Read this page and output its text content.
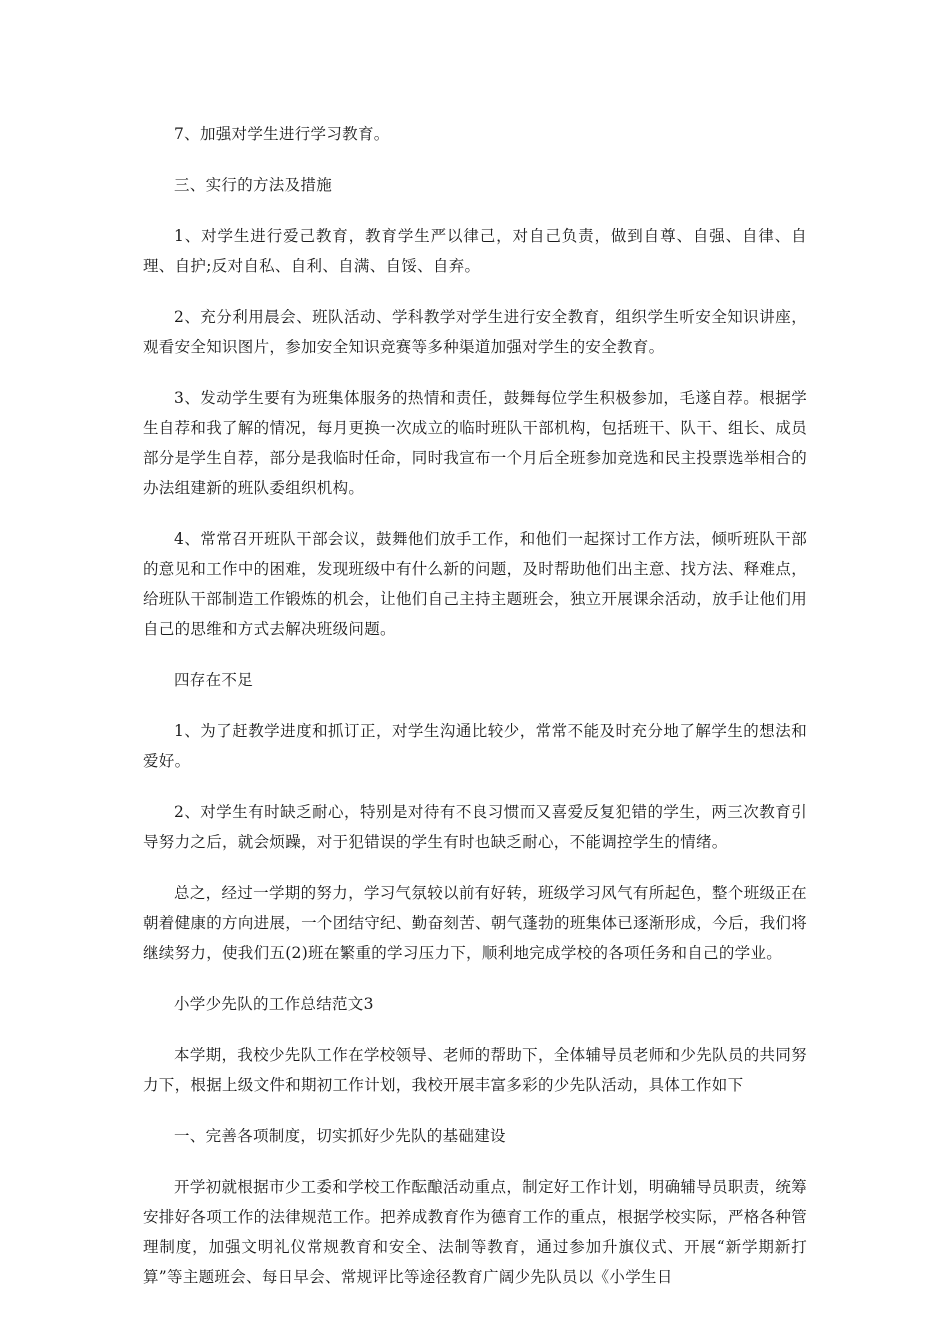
7、加强对学生进行学习教育。

三、实行的方法及措施

1、对学生进行爱己教育，教育学生严以律己，对自己负责，做到自尊、自强、自律、自理、自护;反对自私、自利、自满、自馁、自弃。

2、充分利用晨会、班队活动、学科教学对学生进行安全教育，组织学生听安全知识讲座，观看安全知识图片，参加安全知识竞赛等多种渠道加强对学生的安全教育。

3、发动学生要有为班集体服务的热情和责任，鼓舞每位学生积极参加，毛遂自荐。根据学生自荐和我了解的情况，每月更换一次成立的临时班队干部机构，包括班干、队干、组长、成员部分是学生自荐，部分是我临时任命，同时我宣布一个月后全班参加竞选和民主投票选举相合的办法组建新的班队委组织机构。

4、常常召开班队干部会议，鼓舞他们放手工作，和他们一起探讨工作方法，倾听班队干部的意见和工作中的困难，发现班级中有什么新的问题，及时帮助他们出主意、找方法、释难点，给班队干部制造工作锻炼的机会，让他们自己主持主题班会，独立开展课余活动，放手让他们用自己的思维和方式去解决班级问题。

四存在不足

1、为了赶教学进度和抓订正，对学生沟通比较少，常常不能及时充分地了解学生的想法和爱好。

2、对学生有时缺乏耐心，特别是对待有不良习惯而又喜爱反复犯错的学生，两三次教育引导努力之后，就会烦躁，对于犯错误的学生有时也缺乏耐心，不能调控学生的情绪。

总之，经过一学期的努力，学习气氛较以前有好转，班级学习风气有所起色，整个班级正在朝着健康的方向进展，一个团结守纪、勤奋刻苦、朝气蓬勃的班集体已逐渐形成，今后，我们将继续努力，使我们五(2)班在繁重的学习压力下，顺利地完成学校的各项任务和自己的学业。

小学少先队的工作总结范文3

本学期，我校少先队工作在学校领导、老师的帮助下，全体辅导员老师和少先队员的共同努力下，根据上级文件和期初工作计划，我校开展丰富多彩的少先队活动，具体工作如下

一、完善各项制度，切实抓好少先队的基础建设

开学初就根据市少工委和学校工作酝酿活动重点，制定好工作计划，明确辅导员职责，统筹安排好各项工作的法律规范工作。把养成教育作为德育工作的重点，根据学校实际，严格各种管理制度，加强文明礼仪常规教育和安全、法制等教育，通过参加升旗仪式、开展“新学期新打算”等主题班会、每日早会、常规评比等途径教育广阔少先队员以《小学生日
